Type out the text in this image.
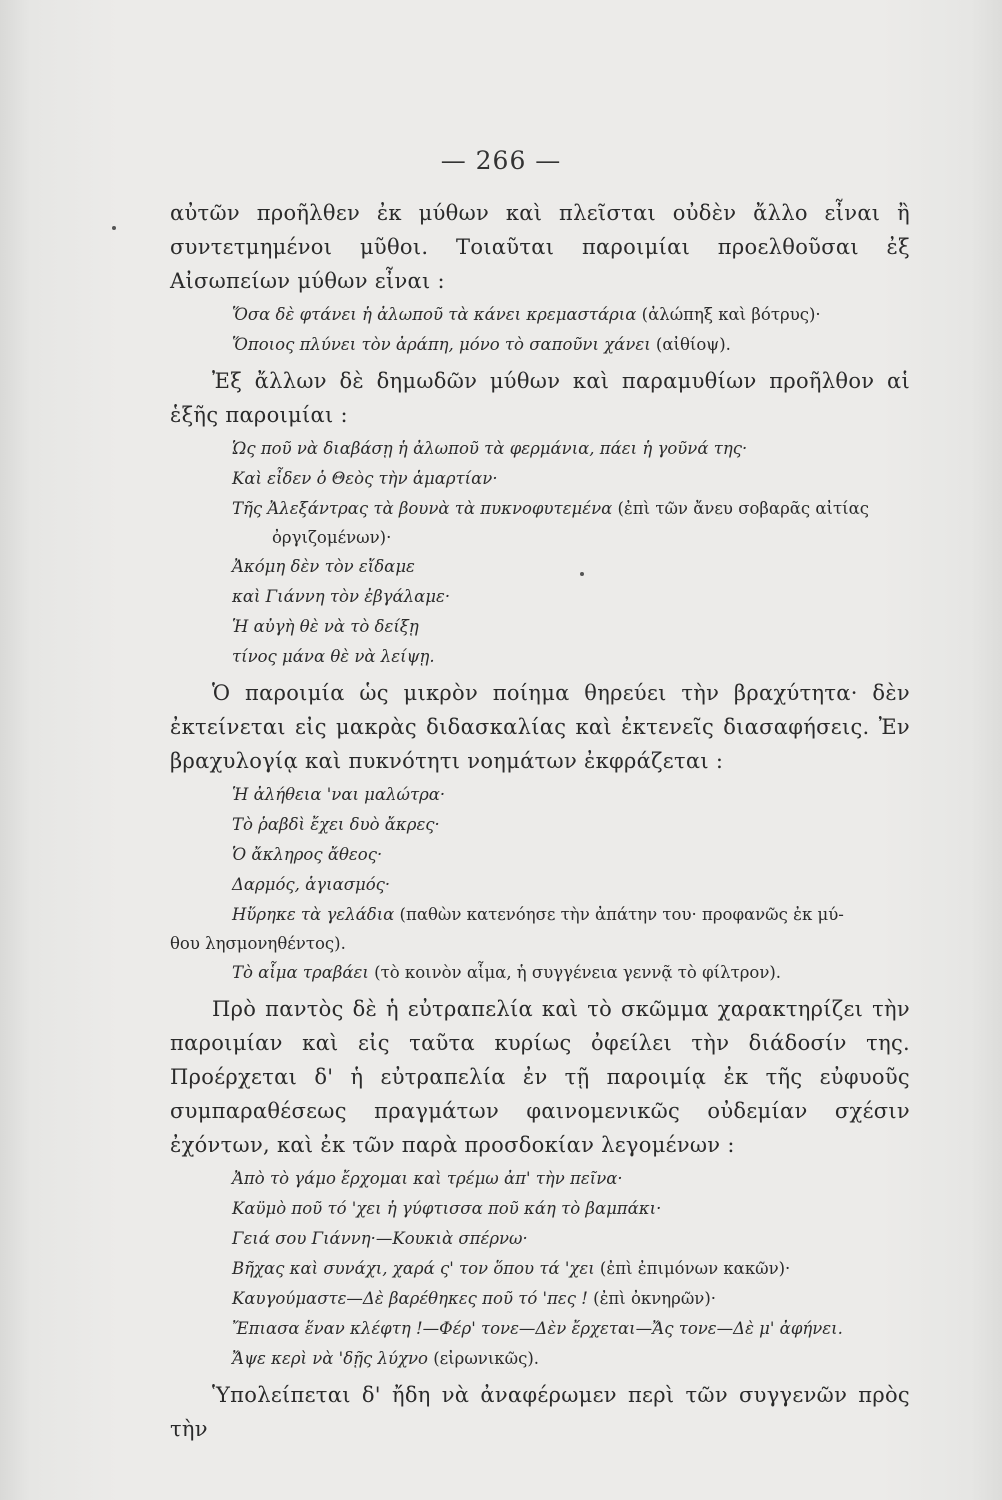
— 266 —

αὐτῶν προῆλθεν ἐκ μύθων καὶ πλεῖσται οὐδὲν ἄλλο εἶναι ἢ συντετμημένοι μῦθοι. Τοιαῦται παροιμίαι προελθοῦσαι ἐξ Αἰσωπείων μύθων εἶναι :

Ὅσα δὲ φτάνει ἡ ἀλωποῦ τὰ κάνει κρεμαστάρια (ἀλώπηξ καὶ βότρυς)·
Ὅποιος πλύνει τὸν ἀράπη, μόνο τὸ σαποῦνι χάνει (αἰθίοψ).

Ἐξ ἄλλων δὲ δημωδῶν μύθων καὶ παραμυθίων προῆλθον αἱ ἑξῆς παροιμίαι :

Ὡς ποῦ νὰ διαβάσῃ ἡ ἀλωποῦ τὰ φερμάνια, πάει ἡ γοῦνά της·
Καὶ εἶδεν ὁ Θεὸς τὴν ἁμαρτίαν·
Τῆς Ἀλεξάντρας τὰ βουνὰ τὰ πυκνοφυτεμένα (ἐπὶ τῶν ἄνευ σοβαρᾶς αἰτίας
ὀργιζομένων)·
Ἀκόμη δὲν τὸν εἴδαμε
καὶ Γιάννη τὸν ἐβγάλαμε·
Ἡ αὐγὴ θὲ νὰ τὸ δείξῃ
τίνος μάνα θὲ νὰ λείψῃ.

Ὁ παροιμία ὡς μικρὸν ποίημα θηρεύει τὴν βραχύτητα· δὲν ἐκτείνεται εἰς μακρὰς διδασκαλίας καὶ ἐκτενεῖς διασαφήσεις. Ἐν βραχυλογίᾳ καὶ πυκνότητι νοημάτων ἐκφράζεται :

Ἡ ἀλήθεια 'ναι μαλώτρα·
Τὸ ῥαβδὶ ἔχει δυὸ ἄκρες·
Ὁ ἄκληρος ἄθεος·
Δαρμός, ἁγιασμός·
Ηὕρηκε τὰ γελάδια (παθὼν κατενόησε τὴν ἀπάτην του· προφανῶς ἐκ μύ-
θου λησμονηθέντος).
Τὸ αἷμα τραβάει (τὸ κοινὸν αἷμα, ἡ συγγένεια γεννᾷ τὸ φίλτρον).

Πρὸ παντὸς δὲ ἡ εὐτραπελία καὶ τὸ σκῶμμα χαρακτηρίζει τὴν παροιμίαν καὶ εἰς ταῦτα κυρίως ὀφείλει τὴν διάδοσίν της. Προέρχεται δ' ἡ εὐτραπελία ἐν τῇ παροιμίᾳ ἐκ τῆς εὐφυοῦς συμπαραθέσεως πραγμάτων φαινομενικῶς οὐδεμίαν σχέσιν ἐχόντων, καὶ ἐκ τῶν παρὰ προσδοκίαν λεγομένων :

Ἀπὸ τὸ γάμο ἔρχομαι καὶ τρέμω ἀπ' τὴν πεῖνα·
Καϋμὸ ποῦ τό 'χει ἡ γύφτισσα ποῦ κάη τὸ βαμπάκι·
Γειά σου Γιάννη·—Κουκιὰ σπέρνω·
Βῆχας καὶ συνάχι, χαρά ς' τον ὅπου τά 'χει (ἐπὶ ἐπιμόνων κακῶν)·
Καυγούμαστε—Δὲ βαρέθηκες ποῦ τό 'πες ! (ἐπὶ ὀκνηρῶν)·
Ἔπιασα ἕναν κλέφτη !—Φέρ' τονε—Δὲν ἔρχεται—Ἄς τονε—Δὲ μ' ἀφήνει.
Ἄψε κερὶ νὰ 'δῇς λύχνο (εἰρωνικῶς).

Ὑπολείπεται δ' ἤδη νὰ ἀναφέρωμεν περὶ τῶν συγγενῶν πρὸς τὴν
